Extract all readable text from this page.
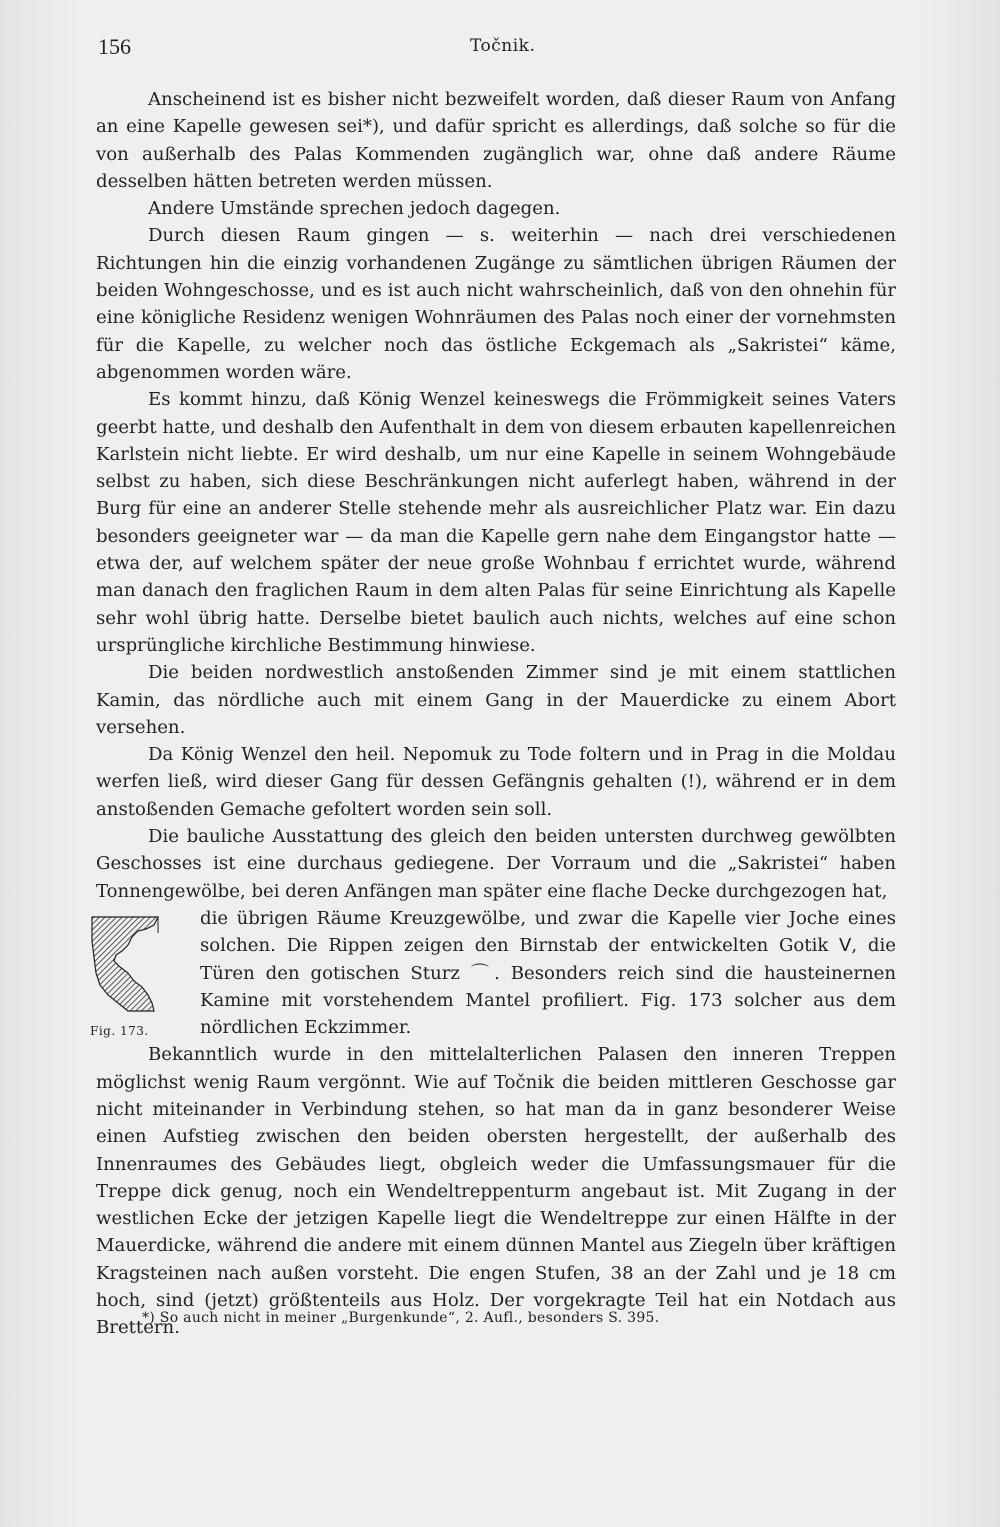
156	Točnik.

Anscheinend ist es bisher nicht bezweifelt worden, daß dieser Raum von Anfang an eine Kapelle gewesen sei*), und dafür spricht es allerdings, daß solche so für die von außerhalb des Palas Kommenden zugänglich war, ohne daß andere Räume desselben hätten betreten werden müssen.

Andere Umstände sprechen jedoch dagegen.

Durch diesen Raum gingen — s. weiterhin — nach drei verschiedenen Richtungen hin die einzig vorhandenen Zugänge zu sämtlichen übrigen Räumen der beiden Wohngeschosse, und es ist auch nicht wahrscheinlich, daß von den ohnehin für eine königliche Residenz wenigen Wohnräumen des Palas noch einer der vornehmsten für die Kapelle, zu welcher noch das östliche Eckgemach als „Sakristei“ käme, abgenommen worden wäre.

Es kommt hinzu, daß König Wenzel keineswegs die Frömmigkeit seines Vaters geerbt hatte, und deshalb den Aufenthalt in dem von diesem erbauten kapellenreichen Karlstein nicht liebte. Er wird deshalb, um nur eine Kapelle in seinem Wohngebäude selbst zu haben, sich diese Beschränkungen nicht auferlegt haben, während in der Burg für eine an anderer Stelle stehende mehr als ausreichlicher Platz war. Ein dazu besonders geeigneter war — da man die Kapelle gern nahe dem Eingangstor hatte — etwa der, auf welchem später der neue große Wohnbau f errichtet wurde, während man danach den fraglichen Raum in dem alten Palas für seine Einrichtung als Kapelle sehr wohl übrig hatte. Derselbe bietet baulich auch nichts, welches auf eine schon ursprüngliche kirchliche Bestimmung hinwiese.

Die beiden nordwestlich anstoßenden Zimmer sind je mit einem stattlichen Kamin, das nördliche auch mit einem Gang in der Mauerdicke zu einem Abort versehen.

Da König Wenzel den heil. Nepomuk zu Tode foltern und in Prag in die Moldau werfen ließ, wird dieser Gang für dessen Gefängnis gehalten (!), während er in dem anstoßenden Gemache gefoltert worden sein soll.

Die bauliche Ausstattung des gleich den beiden untersten durchweg gewölbten Geschosses ist eine durchaus gediegene. Der Vorraum und die „Sakristei“ haben Tonnengewölbe, bei deren Anfängen man später eine flache Decke durchgezogen hat,

Fig. 173.

die übrigen Räume Kreuzgewölbe, und zwar die Kapelle vier Joche eines solchen. Die Rippen zeigen den Birnstab der entwickelten Gotik ᐯ, die Türen den gotischen Sturz ⌒. Besonders reich sind die hausteinernen Kamine mit vorstehendem Mantel profiliert. Fig. 173 solcher aus dem nördlichen Eckzimmer.

Bekanntlich wurde in den mittelalterlichen Palasen den inneren Treppen möglichst wenig Raum vergönnt. Wie auf Točnik die beiden mittleren Geschosse gar nicht miteinander in Verbindung stehen, so hat man da in ganz besonderer Weise einen Aufstieg zwischen den beiden obersten hergestellt, der außerhalb des Innenraumes des Gebäudes liegt, obgleich weder die Umfassungsmauer für die Treppe dick genug, noch ein Wendeltreppenturm angebaut ist. Mit Zugang in der westlichen Ecke der jetzigen Kapelle liegt die Wendeltreppe zur einen Hälfte in der Mauerdicke, während die andere mit einem dünnen Mantel aus Ziegeln über kräftigen Kragsteinen nach außen vorsteht. Die engen Stufen, 38 an der Zahl und je 18 cm hoch, sind (jetzt) größtenteils aus Holz. Der vorgekragte Teil hat ein Notdach aus Brettern.

*) So auch nicht in meiner „Burgenkunde“, 2. Aufl., besonders S. 395.
